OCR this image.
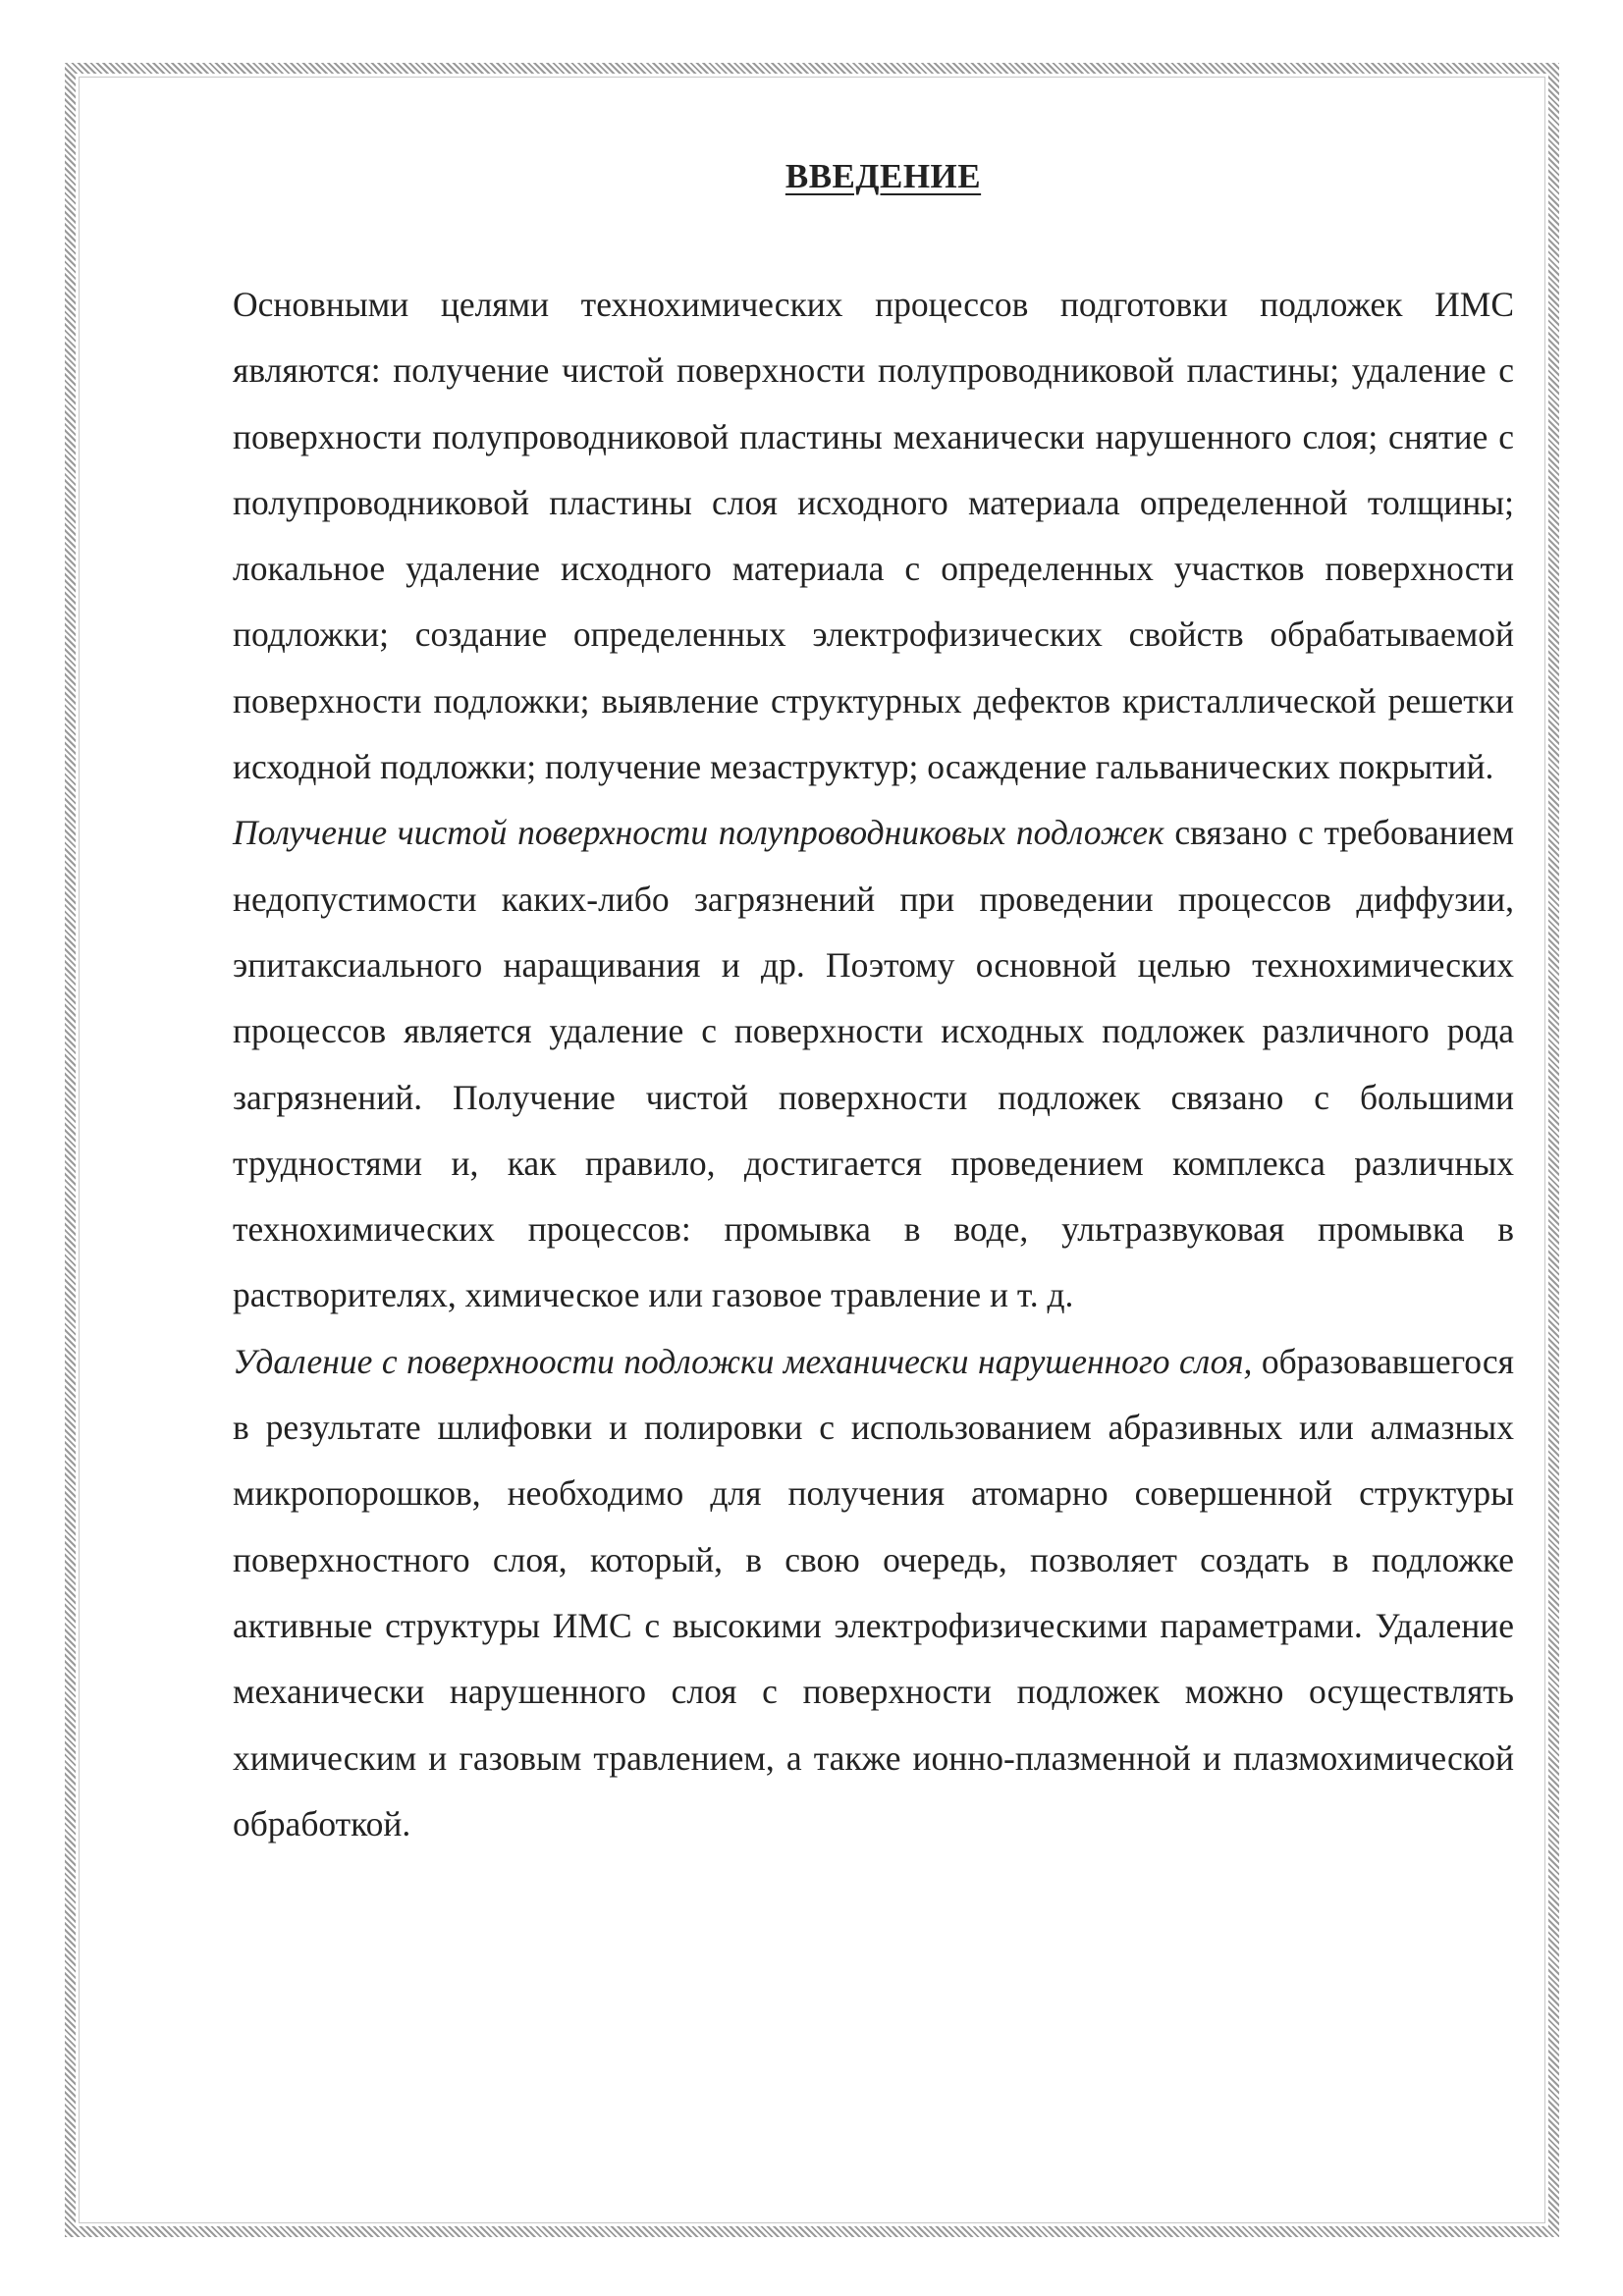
ВВЕДЕНИЕ

Основными целями технохимических процессов подготовки подложек ИМС являются: получение чистой поверхности полупроводниковой пластины; удаление с поверхности полупроводниковой пластины механически нарушенного слоя; снятие с полупроводниковой пластины слоя исходного материала определенной толщины; локальное удаление исходного материала с определенных участков поверхности подложки; создание определенных электрофизических свойств обрабатываемой поверхности подложки; выявление структурных дефектов кристаллической решетки исходной подложки; получение мезаструктур; осаждение гальванических покрытий.

Получение чистой поверхности полупроводниковых подложек связано с требованием недопустимости каких-либо загрязнений при проведении процессов диффузии, эпитаксиального наращивания и др. Поэтому основной целью технохимических процессов является удаление с поверхности исходных подложек различного рода загрязнений. Получение чистой поверхности подложек связано с большими трудностями и, как правило, достигается проведением комплекса различных технохимических процессов: промывка в воде, ультразвуковая промывка в растворителях, химическое или газовое травление и т. д.

Удаление с поверхноости подложки механически нарушенного слоя, образовавшегося в результате шлифовки и полировки с использованием абразивных или алмазных микропорошков, необходимо для получения атомарно совершенной структуры поверхностного слоя, который, в свою очередь, позволяет создать в подложке активные структуры ИМС с высокими электрофизическими параметрами. Удаление механически нарушенного слоя с поверхности подложек можно осуществлять химическим и газовым травлением, а также ионно-плазменной и плазмохимической обработкой.
